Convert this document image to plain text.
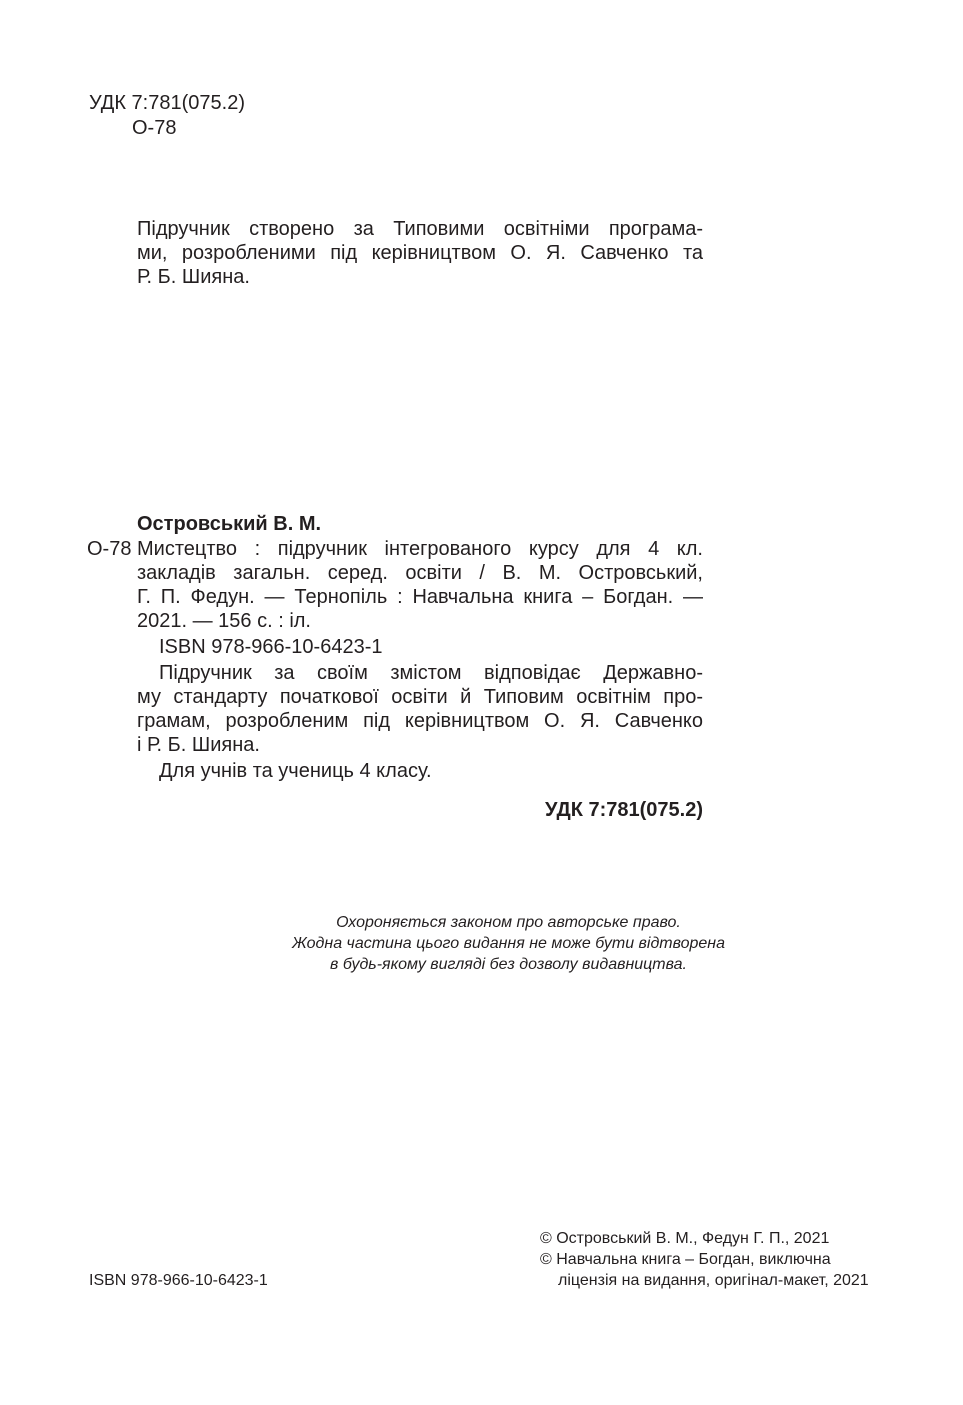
УДК 7:781(075.2)
О-78
Підручник створено за Типовими освітніми програма-
ми, розробленими під керівництвом О. Я. Савченко та
Р. Б. Шияна.
Островський В. М.
О-78 Мистецтво : підручник інтегрованого курсу для 4 кл.
закладів загальн. серед. освіти / В. М. Островський,
Г. П. Федун. — Тернопіль : Навчальна книга – Богдан. —
2021. — 156 с. : іл.
ISBN 978-966-10-6423-1
Підручник за своїм змістом відповідає Державно-
му стандарту початкової освіти й Типовим освітнім про-
грамам, розробленим під керівництвом О. Я. Савченко
і Р. Б. Шияна.
Для учнів та учениць 4 класу.
УДК 7:781(075.2)
Охороняється законом про авторське право.
Жодна частина цього видання не може бути відтворена
в будь-якому вигляді без дозволу видавництва.
© Островський В. М., Федун Г. П., 2021
© Навчальна книга – Богдан, виключна
ліцензія на видання, оригінал-макет, 2021
ISBN 978-966-10-6423-1
